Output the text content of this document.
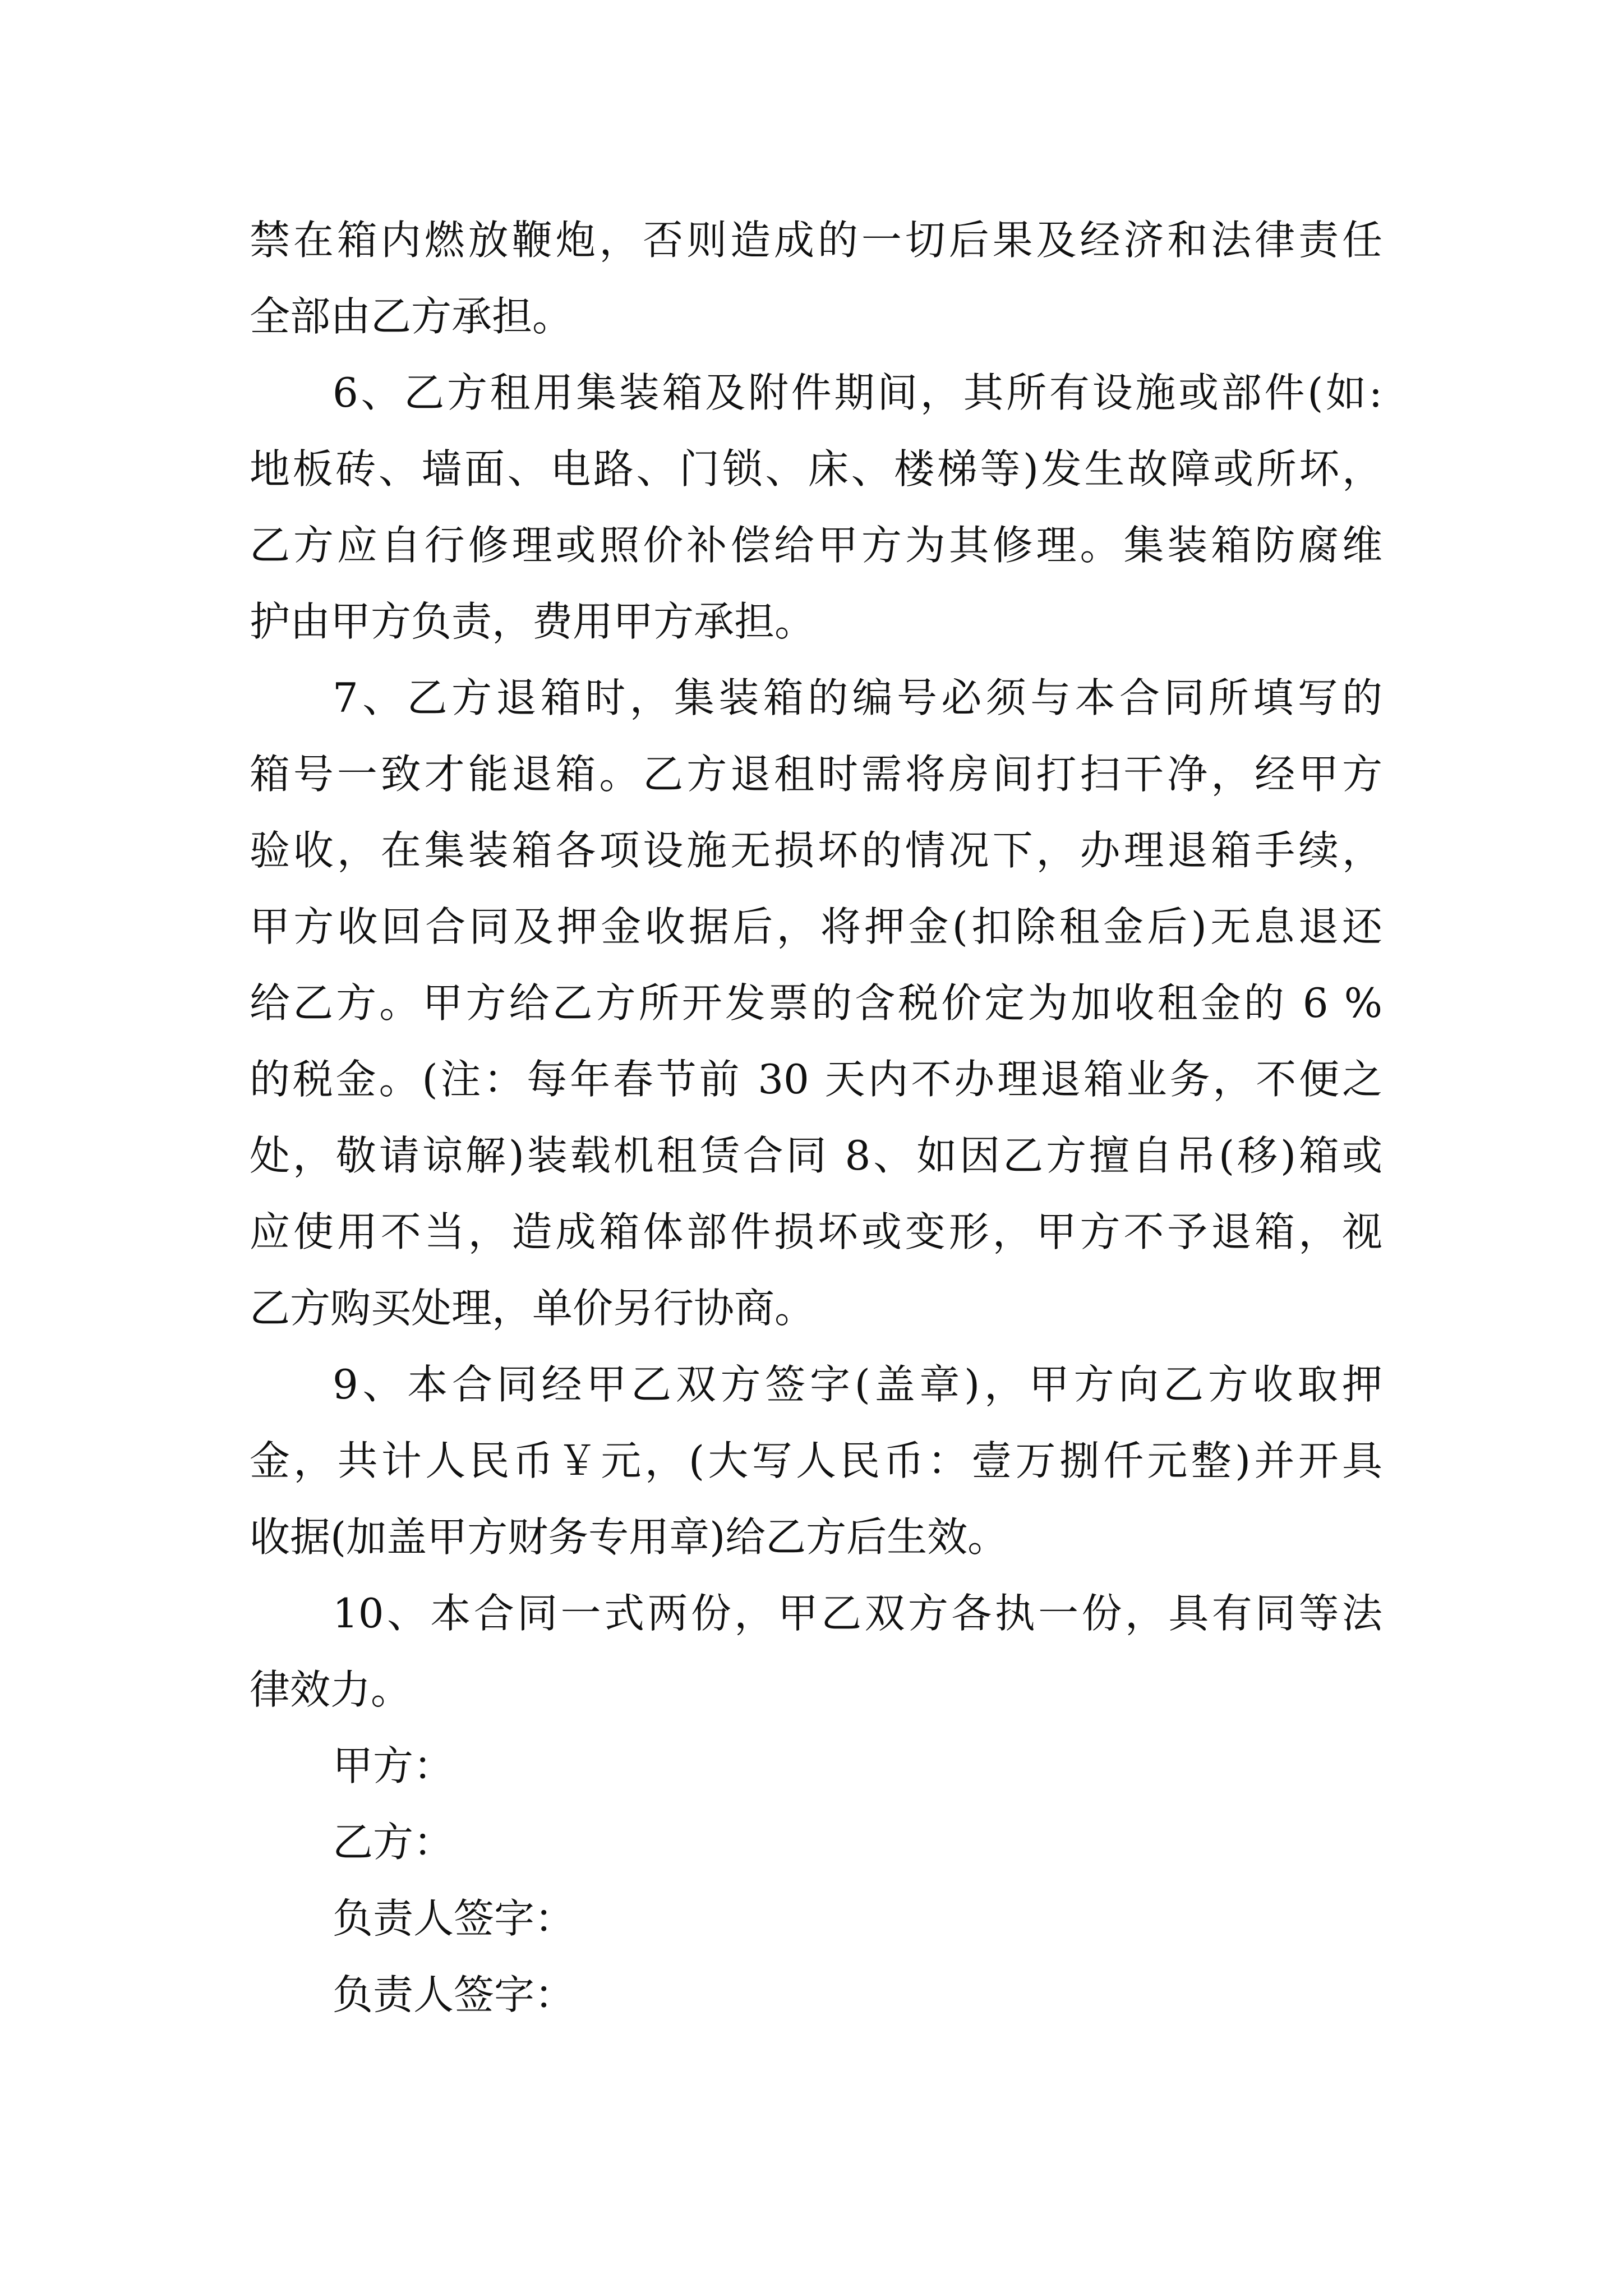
禁在箱内燃放鞭炮，否则造成的一切后果及经济和法律责任
全部由乙方承担。
6、乙方租用集装箱及附件期间，其所有设施或部件(如:
地板砖、墙面、电路、门锁、床、楼梯等)发生故障或所坏，
乙方应自行修理或照价补偿给甲方为其修理。集装箱防腐维
护由甲方负责，费用甲方承担。
7、乙方退箱时，集装箱的编号必须与本合同所填写的
箱号一致才能退箱。乙方退租时需将房间打扫干净，经甲方
验收，在集装箱各项设施无损坏的情况下，办理退箱手续，
甲方收回合同及押金收据后，将押金(扣除租金后)无息退还
给乙方。甲方给乙方所开发票的含税价定为加收租金的 6 %
的税金。(注：每年春节前 30 天内不办理退箱业务，不便之
处，敬请谅解)装载机租赁合同 8、如因乙方擅自吊(移)箱或
应使用不当，造成箱体部件损坏或变形，甲方不予退箱，视
乙方购买处理，单价另行协商。
9、本合同经甲乙双方签字(盖章)，甲方向乙方收取押
金，共计人民币￥元，(大写人民币：壹万捌仟元整)并开具
收据(加盖甲方财务专用章)给乙方后生效。
10、本合同一式两份，甲乙双方各执一份，具有同等法
律效力。
甲方：
乙方：
负责人签字：
负责人签字：
